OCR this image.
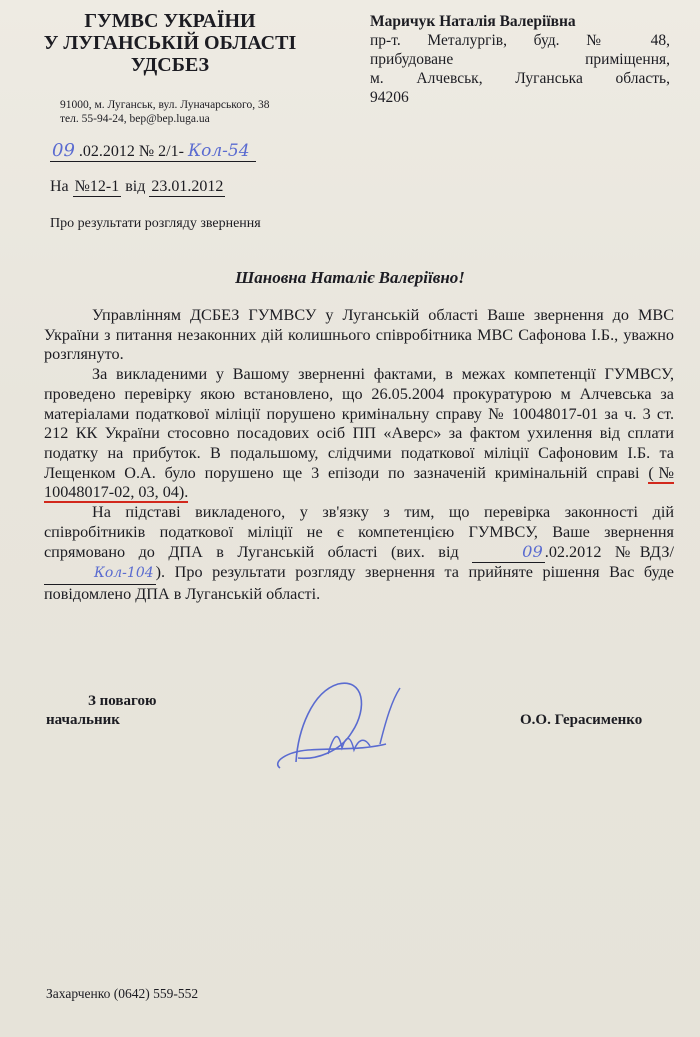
ГУМВС УКРАЇНИ
У ЛУГАНСЬКІЙ ОБЛАСТІ
УДСБЕЗ
91000, м. Луганськ, вул. Луначарського, 38
тел. 55-94-24, bep@bep.luga.ua
Маричук Наталія Валеріївна
пр-т. Металургів, буд. № 48,
прибудоване приміщення,
м. Алчевськ, Луганська область,
94206
09 .02.2012 № 2/1- Кол-54
На №12-1 від 23.01.2012
Про результати розгляду звернення
Шановна Наталіє Валеріївно!

Управлінням ДСБЕЗ ГУМВСУ у Луганській області Ваше звернення до МВС України з питання незаконних дій колишнього співробітника МВС Сафонова І.Б., уважно розглянуто.

За викладеними у Вашому зверненні фактами, в межах компетенції ГУМВСУ, проведено перевірку якою встановлено, що 26.05.2004 прокуратурою м Алчевська за матеріалами податкової міліції порушено кримінальну справу № 10048017-01 за ч. 3 ст. 212 КК України стосовно посадових осіб ПП «Аверс» за фактом ухилення від сплати податку на прибуток. В подальшому, слідчими податкової міліції Сафоновим І.Б. та Лещенком О.А. було порушено ще 3 епізоди по зазначеній кримінальній справі (№ 10048017-02, 03, 04).

На підставі викладеного, у зв'язку з тим, що перевірка законності дій співробітників податкової міліції не є компетенцією ГУМВСУ, Ваше звернення спрямовано до ДПА в Луганській області (вих. від	09 .02.2012 №ВДЗ/Кол-104 ). Про результати розгляду звернення та прийняте рішення Вас буде повідомлено ДПА в Луганській області.

З повагою
начальник	О.О. Герасименко
Захарченко (0642) 559-552
